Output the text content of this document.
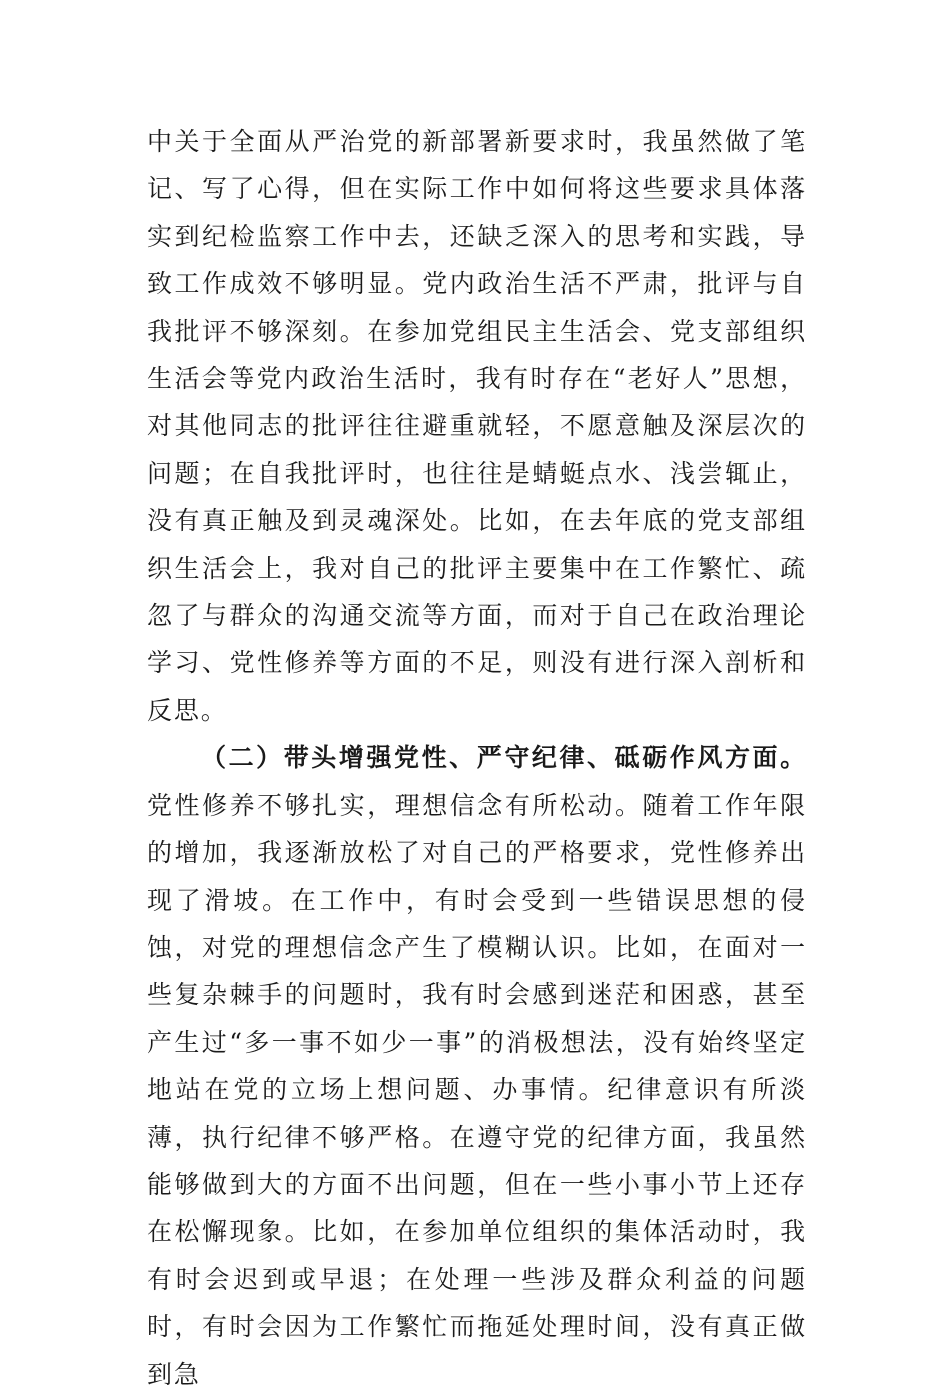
中关于全面从严治党的新部署新要求时，我虽然做了笔记、写了心得，但在实际工作中如何将这些要求具体落实到纪检监察工作中去，还缺乏深入的思考和实践，导致工作成效不够明显。党内政治生活不严肃，批评与自我批评不够深刻。在参加党组民主生活会、党支部组织生活会等党内政治生活时，我有时存在“老好人”思想，对其他同志的批评往往避重就轻，不愿意触及深层次的问题；在自我批评时，也往往是蜻蜓点水、浅尝辄止，没有真正触及到灵魂深处。比如，在去年底的党支部组织生活会上，我对自己的批评主要集中在工作繁忙、疏忽了与群众的沟通交流等方面，而对于自己在政治理论学习、党性修养等方面的不足，则没有进行深入剖析和反思。

（二）带头增强党性、严守纪律、砥砺作风方面。党性修养不够扎实，理想信念有所松动。随着工作年限的增加，我逐渐放松了对自己的严格要求，党性修养出现了滑坡。在工作中，有时会受到一些错误思想的侵蚀，对党的理想信念产生了模糊认识。比如，在面对一些复杂棘手的问题时，我有时会感到迷茫和困惑，甚至产生过“多一事不如少一事”的消极想法，没有始终坚定地站在党的立场上想问题、办事情。纪律意识有所淡薄，执行纪律不够严格。在遵守党的纪律方面，我虽然能够做到大的方面不出问题，但在一些小事小节上还存在松懈现象。比如，在参加单位组织的集体活动时，我有时会迟到或早退；在处理一些涉及群众利益的问题时，有时会因为工作繁忙而拖延处理时间，没有真正做到急
